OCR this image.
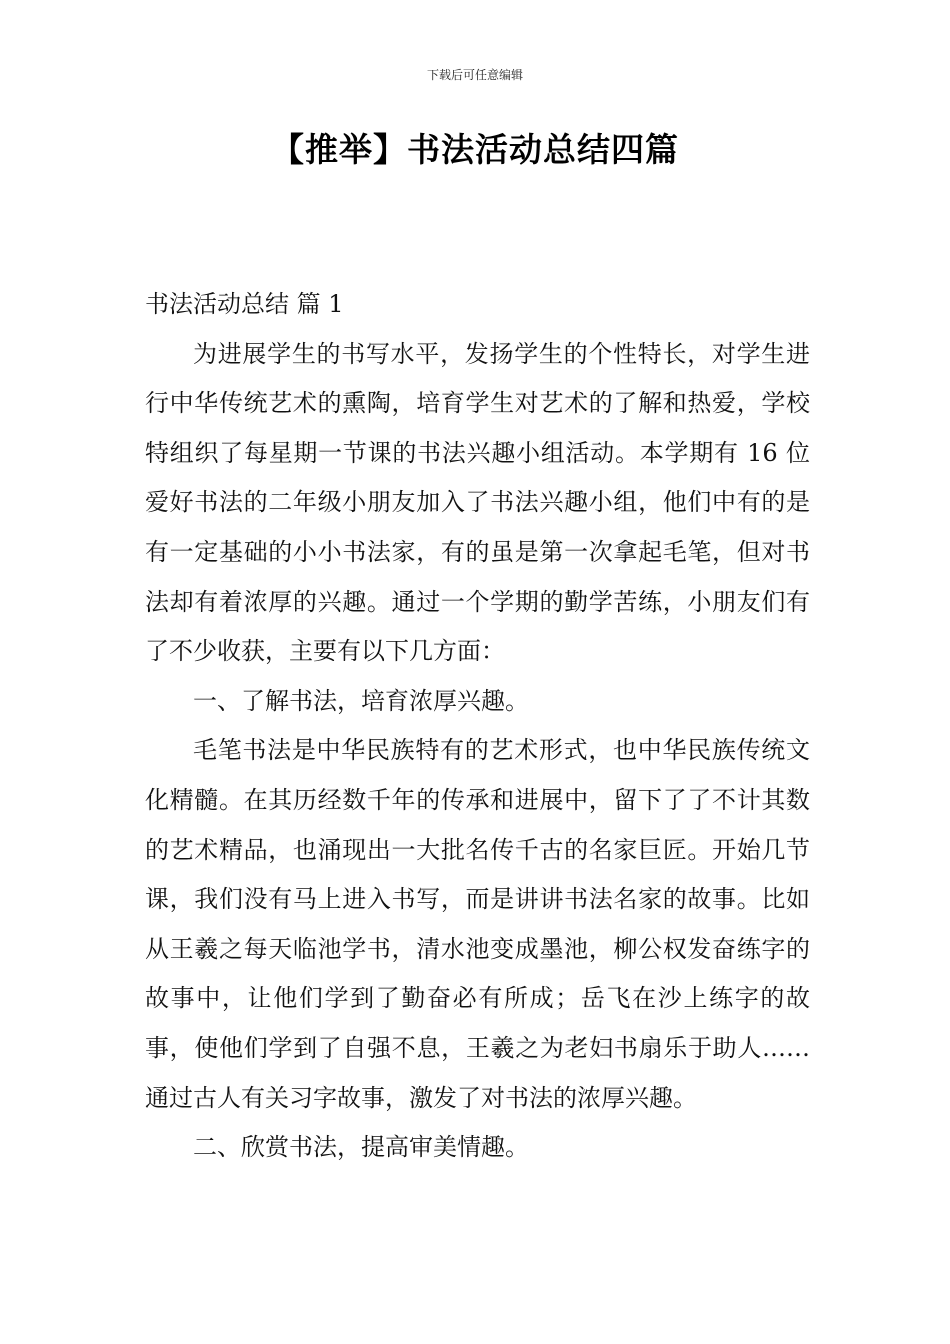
下载后可任意编辑
【推举】书法活动总结四篇
书法活动总结 篇 1

为进展学生的书写水平，发扬学生的个性特长，对学生进行中华传统艺术的熏陶，培育学生对艺术的了解和热爱，学校特组织了每星期一节课的书法兴趣小组活动。本学期有 16 位爱好书法的二年级小朋友加入了书法兴趣小组，他们中有的是有一定基础的小小书法家，有的虽是第一次拿起毛笔，但对书法却有着浓厚的兴趣。通过一个学期的勤学苦练，小朋友们有了不少收获，主要有以下几方面：

一、了解书法，培育浓厚兴趣。

毛笔书法是中华民族特有的艺术形式，也中华民族传统文化精髓。在其历经数千年的传承和进展中，留下了了不计其数的艺术精品，也涌现出一大批名传千古的名家巨匠。开始几节课，我们没有马上进入书写，而是讲讲书法名家的故事。比如从王羲之每天临池学书，清水池变成墨池，柳公权发奋练字的故事中，让他们学到了勤奋必有所成；岳飞在沙上练字的故事，使他们学到了自强不息，王羲之为老妇书扇乐于助人…… 通过古人有关习字故事，激发了对书法的浓厚兴趣。

二、欣赏书法，提高审美情趣。
